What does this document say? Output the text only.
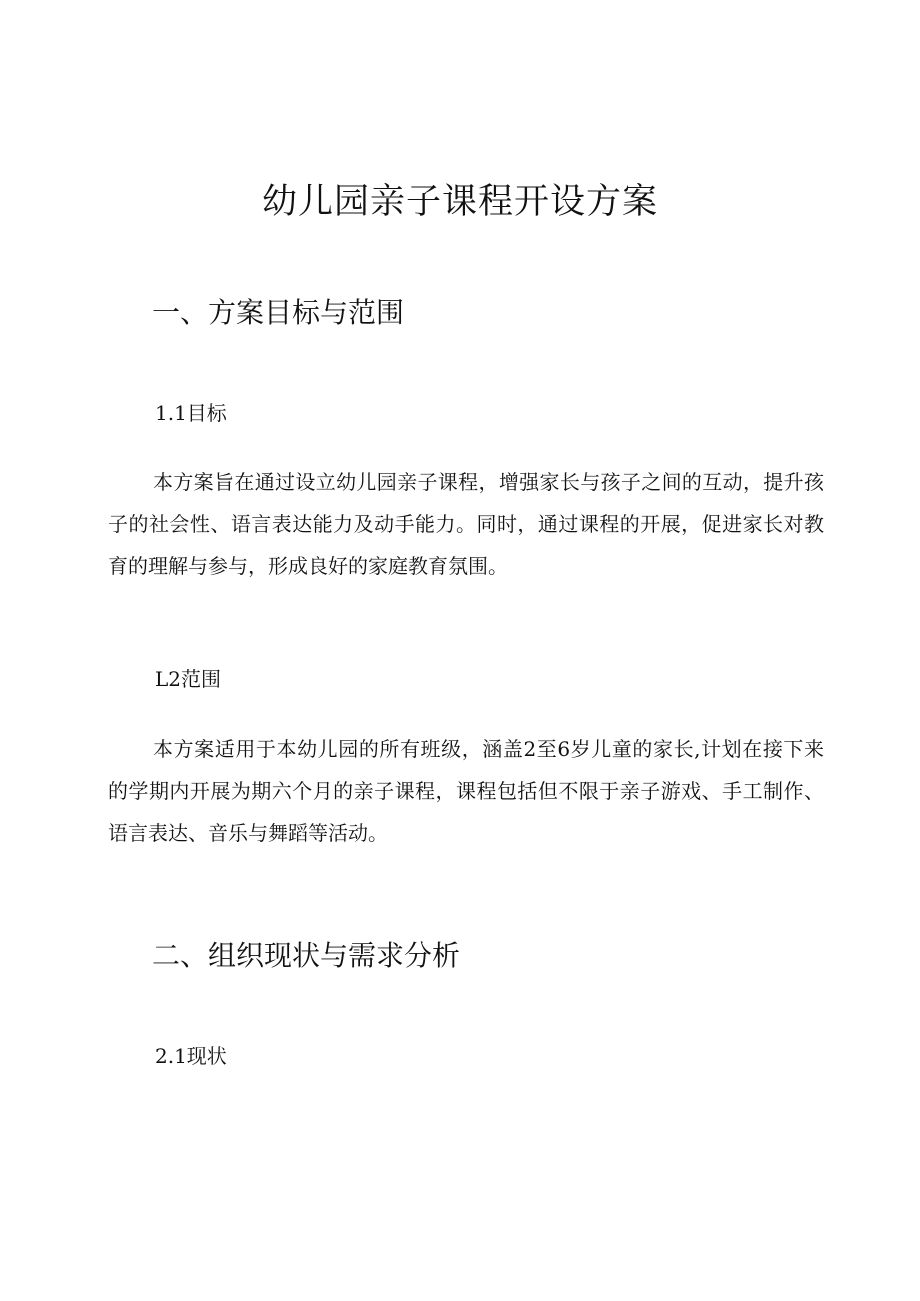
幼儿园亲子课程开设方案
一、方案目标与范围
1.1目标

本方案旨在通过设立幼儿园亲子课程，增强家长与孩子之间的互动，提升孩子的社会性、语言表达能力及动手能力。同时，通过课程的开展，促进家长对教育的理解与参与，形成良好的家庭教育氛围。

L2范围

本方案适用于本幼儿园的所有班级，涵盖2至6岁儿童的家长,计划在接下来的学期内开展为期六个月的亲子课程，课程包括但不限于亲子游戏、手工制作、语言表达、音乐与舞蹈等活动。

二、组织现状与需求分析
2.1现状
